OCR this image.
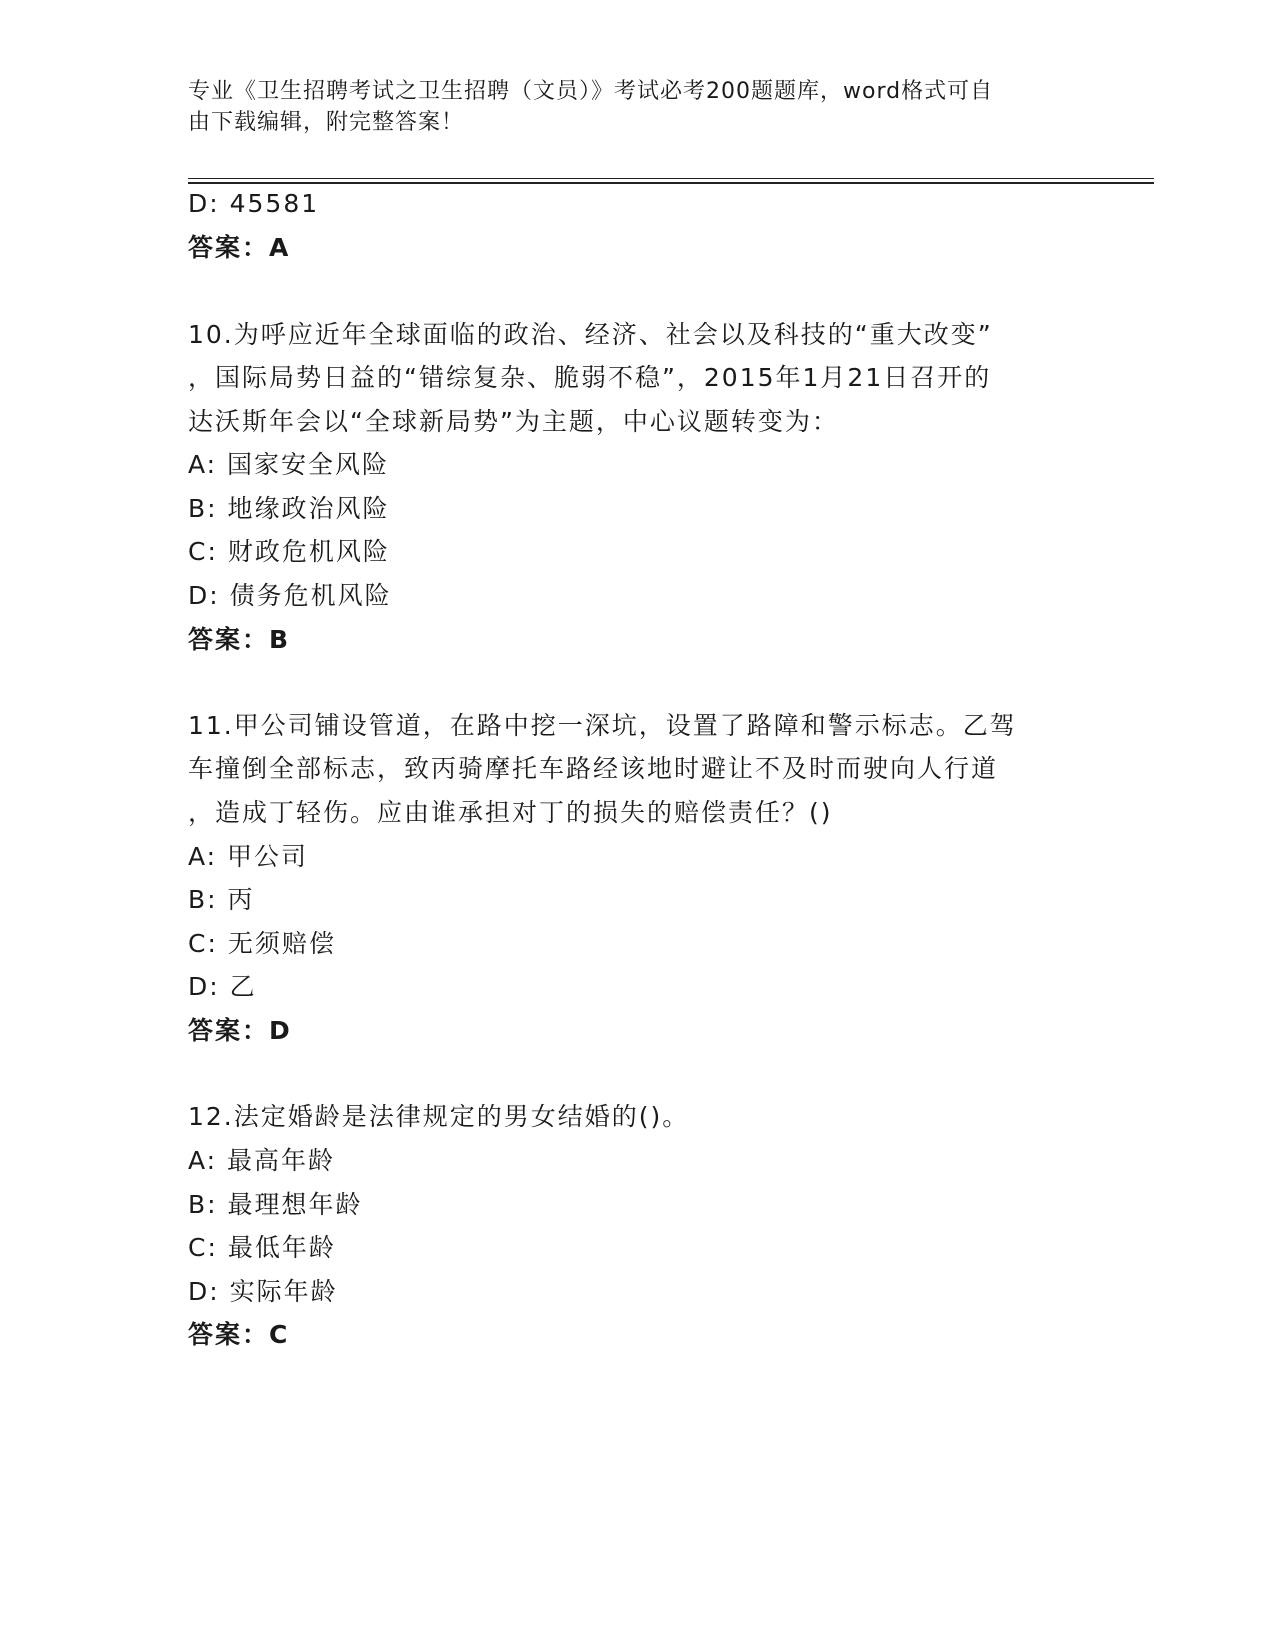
专业《卫生招聘考试之卫生招聘（文员）》考试必考200题题库，word格式可自
由下载编辑，附完整答案！
D: 45581
答案：A
10.为呼应近年全球面临的政治、经济、社会以及科技的“重大改变”
，国际局势日益的“错综复杂、脆弱不稳”，2015年1月21日召开的
达沃斯年会以“全球新局势”为主题，中心议题转变为：
A: 国家安全风险
B: 地缘政治风险
C: 财政危机风险
D: 债务危机风险
答案：B
11.甲公司铺设管道，在路中挖一深坑，设置了路障和警示标志。乙驾
车撞倒全部标志，致丙骑摩托车路经该地时避让不及时而驶向人行道
，造成丁轻伤。应由谁承担对丁的损失的赔偿责任？()
A: 甲公司
B: 丙
C: 无须赔偿
D: 乙
答案：D
12.法定婚龄是法律规定的男女结婚的()。
A: 最高年龄
B: 最理想年龄
C: 最低年龄
D: 实际年龄
答案：C
